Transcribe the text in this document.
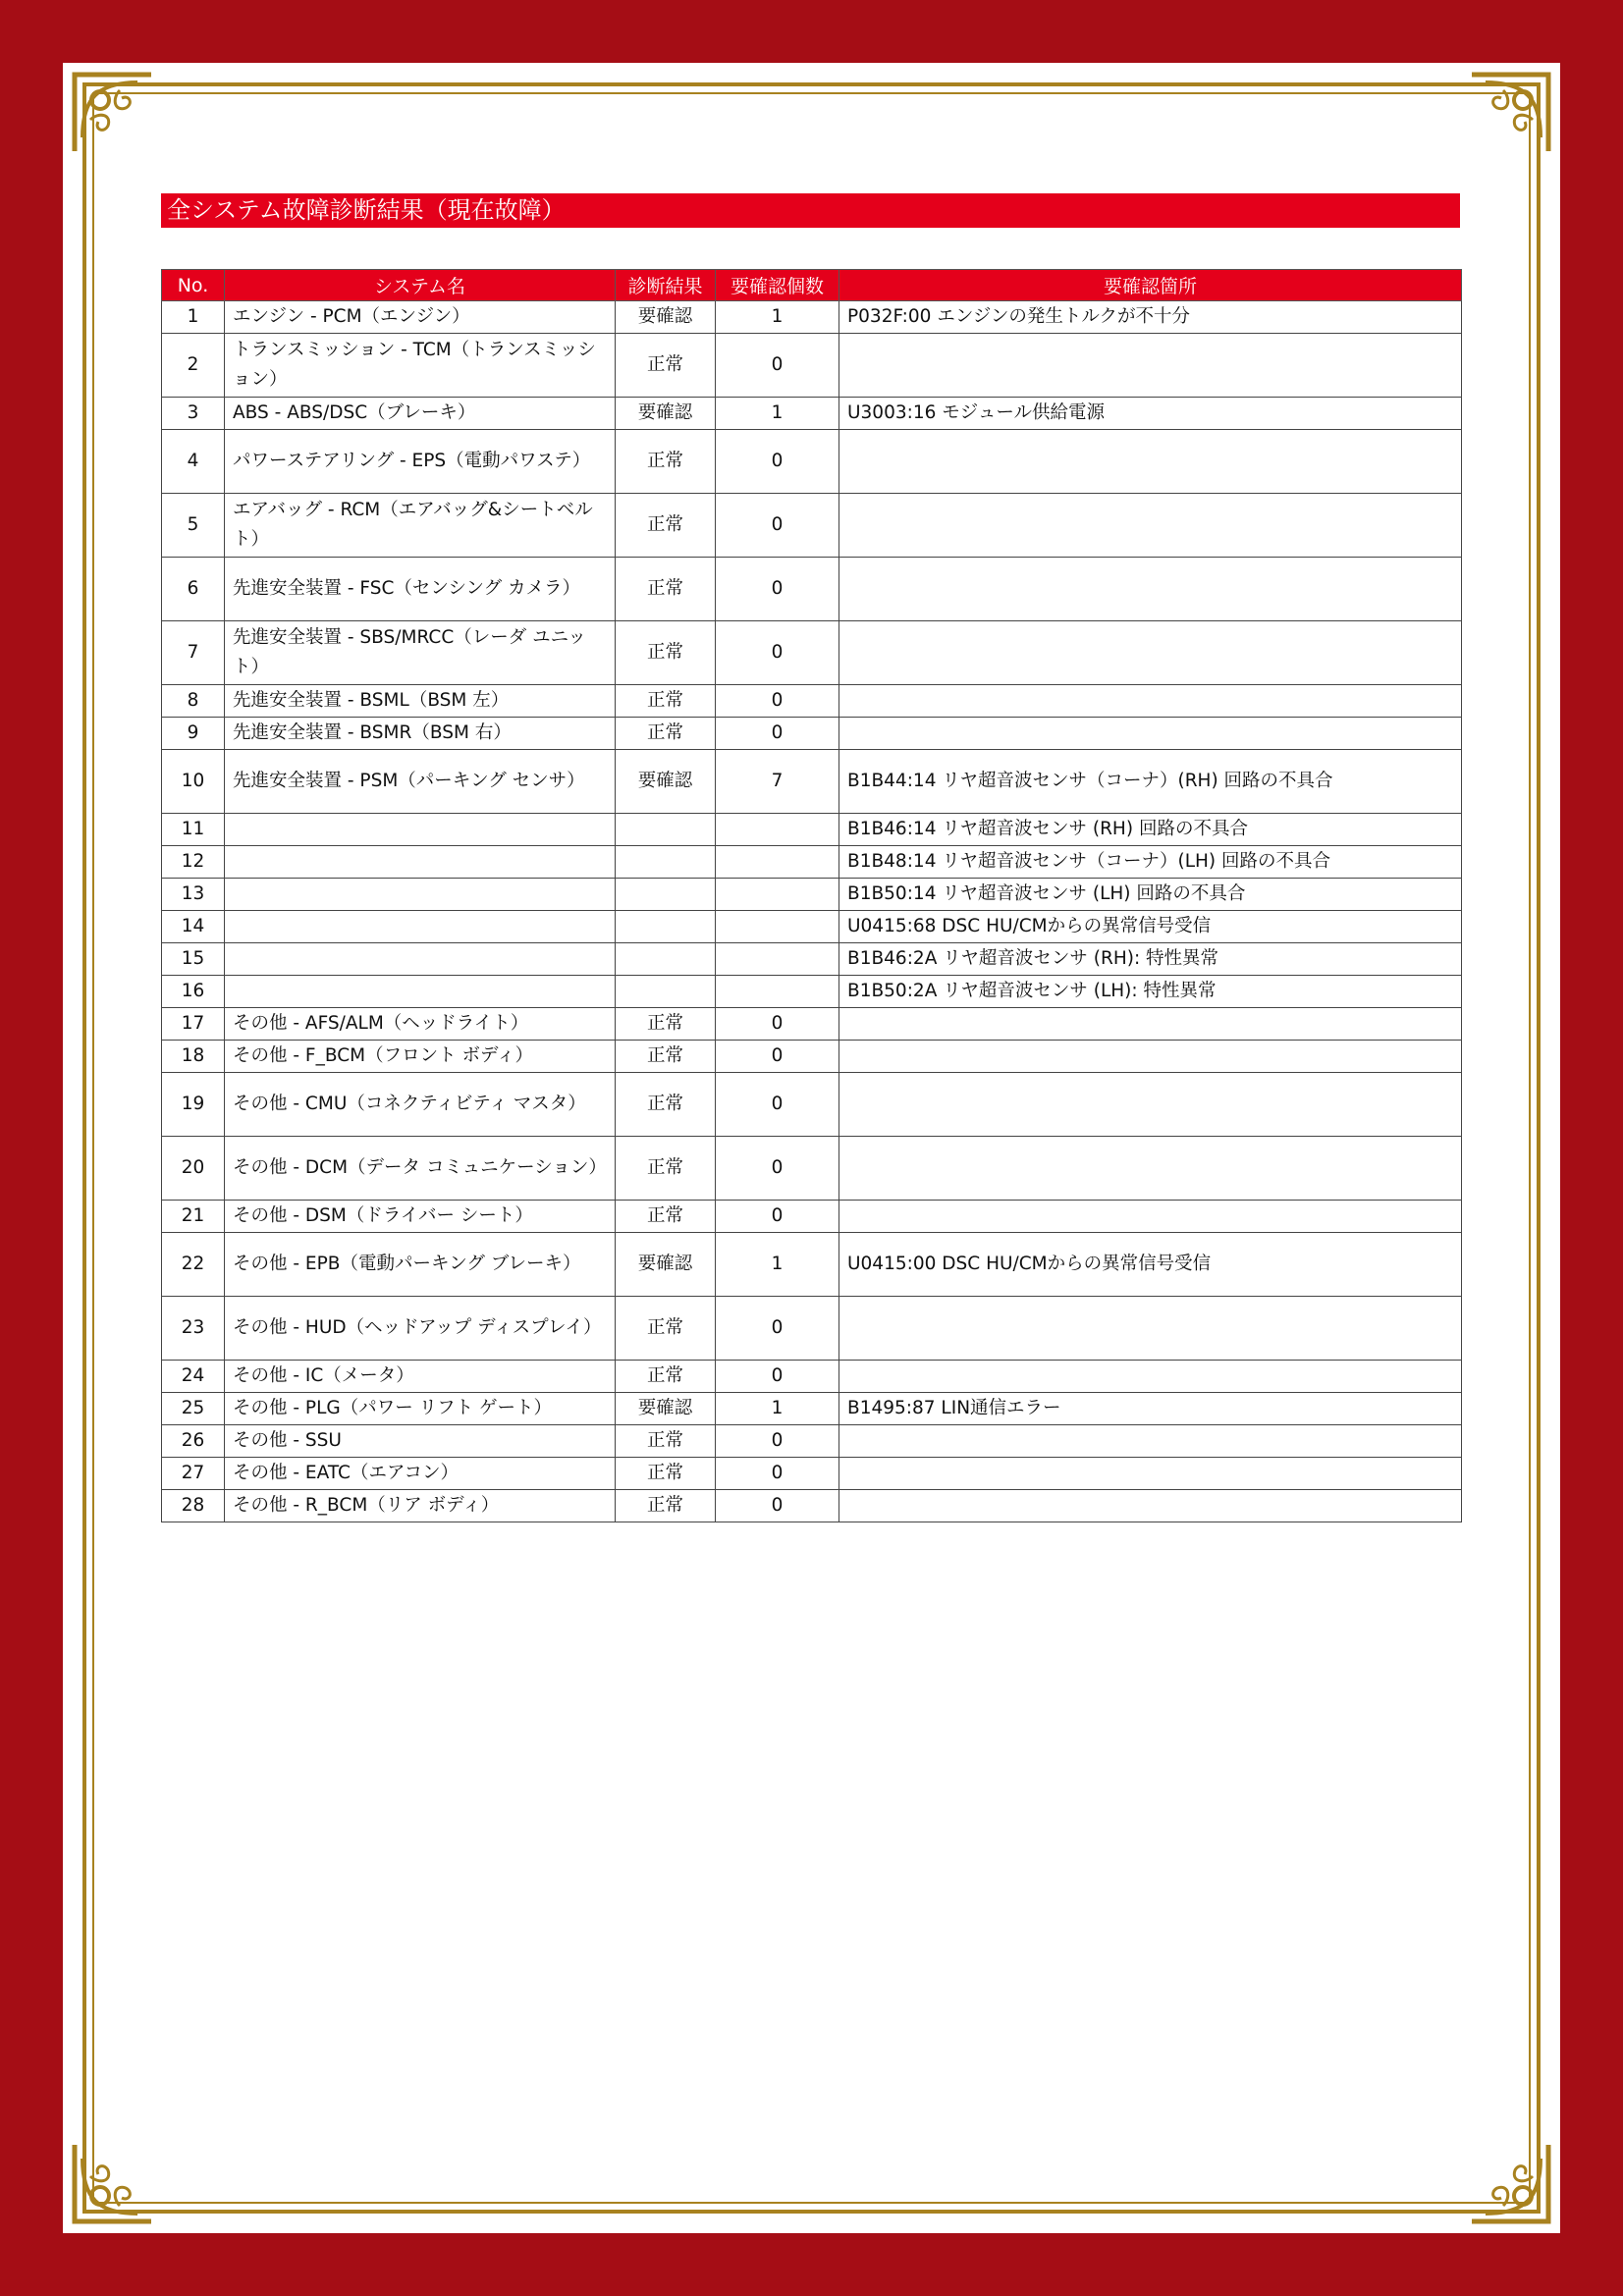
全システム故障診断結果（現在故障）
No.	システム名	診断結果	要確認個数	要確認箇所
1	エンジン - PCM（エンジン）	要確認	1	P032F:00 エンジンの発生トルクが不十分
2	トランスミッション - TCM（トランスミッション）	正常	0	
3	ABS - ABS/DSC（ブレーキ）	要確認	1	U3003:16 モジュール供給電源
4	パワーステアリング - EPS（電動パワステ）	正常	0	
5	エアバッグ - RCM（エアバッグ&シートベルト）	正常	0	
6	先進安全装置 - FSC（センシング カメラ）	正常	0	
7	先進安全装置 - SBS/MRCC（レーダ ユニット）	正常	0	
8	先進安全装置 - BSML（BSM 左）	正常	0	
9	先進安全装置 - BSMR（BSM 右）	正常	0	
10	先進安全装置 - PSM（パーキング センサ）	要確認	7	B1B44:14 リヤ超音波センサ（コーナ）(RH) 回路の不具合
11				B1B46:14 リヤ超音波センサ (RH) 回路の不具合
12				B1B48:14 リヤ超音波センサ（コーナ）(LH) 回路の不具合
13				B1B50:14 リヤ超音波センサ (LH) 回路の不具合
14				U0415:68 DSC HU/CMからの異常信号受信
15				B1B46:2A リヤ超音波センサ (RH): 特性異常
16				B1B50:2A リヤ超音波センサ (LH): 特性異常
17	その他 - AFS/ALM（ヘッドライト）	正常	0	
18	その他 - F_BCM（フロント ボディ）	正常	0	
19	その他 - CMU（コネクティビティ マスタ）	正常	0	
20	その他 - DCM（データ コミュニケーション）	正常	0	
21	その他 - DSM（ドライバー シート）	正常	0	
22	その他 - EPB（電動パーキング ブレーキ）	要確認	1	U0415:00 DSC HU/CMからの異常信号受信
23	その他 - HUD（ヘッドアップ ディスプレイ）	正常	0	
24	その他 - IC（メータ）	正常	0	
25	その他 - PLG（パワー リフト ゲート）	要確認	1	B1495:87 LIN通信エラー
26	その他 - SSU	正常	0	
27	その他 - EATC（エアコン）	正常	0	
28	その他 - R_BCM（リア ボディ）	正常	0	
